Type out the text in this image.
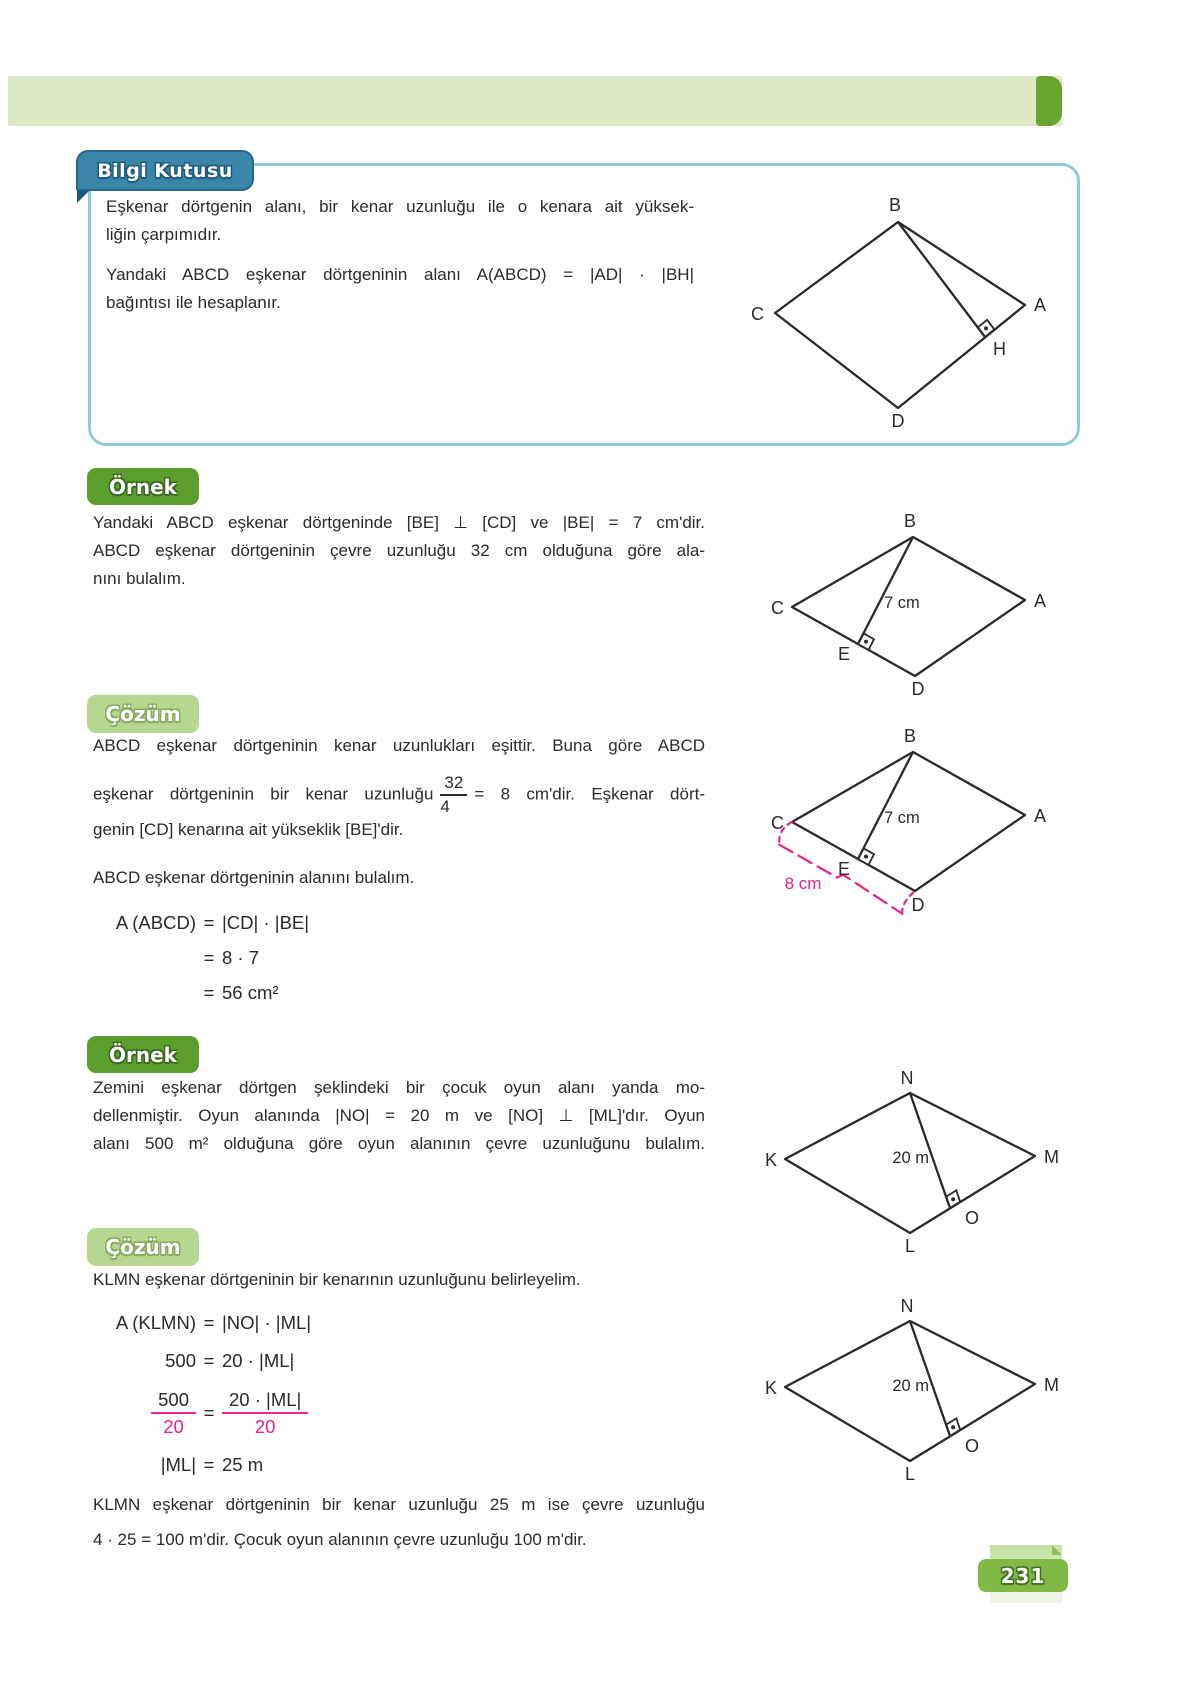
Bilgi Kutusu
Eşkenar dörtgenin alanı, bir kenar uzunluğu ile o kenara ait yüksek-
liğin çarpımıdır.
Yandaki ABCD eşkenar dörtgeninin alanı A(ABCD) = |AD| · |BH|
bağıntısı ile hesaplanır.
B
C	A
H
D
Örnek
Yandaki ABCD eşkenar dörtgeninde [BE] ⊥ [CD] ve |BE| = 7 cm'dir.
ABCD eşkenar dörtgeninin çevre uzunluğu 32 cm olduğuna göre ala-
nını bulalım.
B
C	A
D
E
7 cm
Çözüm
ABCD eşkenar dörtgeninin kenar uzunlukları eşittir. Buna göre ABCD
eşkenar dörtgeninin bir kenar uzunluğu $\frac{32}{4} = 8$ cm'dir. Eşkenar dört-
genin [CD] kenarına ait yükseklik [BE]'dir.
ABCD eşkenar dörtgeninin alanını bulalım.
A (ABCD) = |CD| · |BE|
= 8 · 7
= 56 cm²
B
C	A
D
E
7 cm
8 cm
Örnek
Zemini eşkenar dörtgen şeklindeki bir çocuk oyun alanı yanda mo-
dellenmiştir. Oyun alanında |NO| = 20 m ve [NO] ⊥ [ML]'dır. Oyun
alanı 500 m² olduğuna göre oyun alanının çevre uzunluğunu bulalım.
N
K	M
L
O
20 m
Çözüm
KLMN eşkenar dörtgeninin bir kenarının uzunluğunu belirleyelim.
A (KLMN) = |NO| · |ML|
500 = 20 · |ML|
$\frac{500}{20} = \frac{20 \cdot |ML|}{20}$
|ML| = 25 m
KLMN eşkenar dörtgeninin bir kenar uzunluğu 25 m ise çevre uzunluğu
4 · 25 = 100 m'dir. Çocuk oyun alanının çevre uzunluğu 100 m'dir.
N
K	M
L
O
20 m
231
